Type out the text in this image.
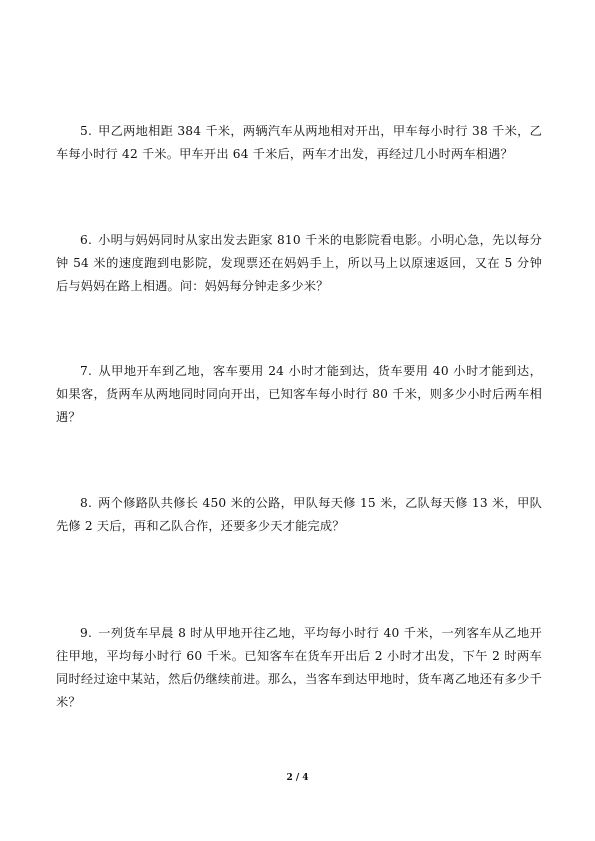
5. 甲乙两地相距 384 千米，两辆汽车从两地相对开出，甲车每小时行 38 千米，乙车每小时行 42 千米。甲车开出 64 千米后，两车才出发，再经过几小时两车相遇？

6. 小明与妈妈同时从家出发去距家 810 千米的电影院看电影。小明心急，先以每分钟 54 米的速度跑到电影院，发现票还在妈妈手上，所以马上以原速返回，又在 5 分钟后与妈妈在路上相遇。问：妈妈每分钟走多少米？

7. 从甲地开车到乙地，客车要用 24 小时才能到达，货车要用 40 小时才能到达，如果客，货两车从两地同时同向开出，已知客车每小时行 80 千米，则多少小时后两车相遇？

8. 两个修路队共修长 450 米的公路，甲队每天修 15 米，乙队每天修 13 米，甲队先修 2 天后，再和乙队合作，还要多少天才能完成？

9. 一列货车早晨 8 时从甲地开往乙地，平均每小时行 40 千米，一列客车从乙地开往甲地，平均每小时行 60 千米。已知客车在货车开出后 2 小时才出发，下午 2 时两车同时经过途中某站，然后仍继续前进。那么，当客车到达甲地时，货车离乙地还有多少千米？

2 / 4
